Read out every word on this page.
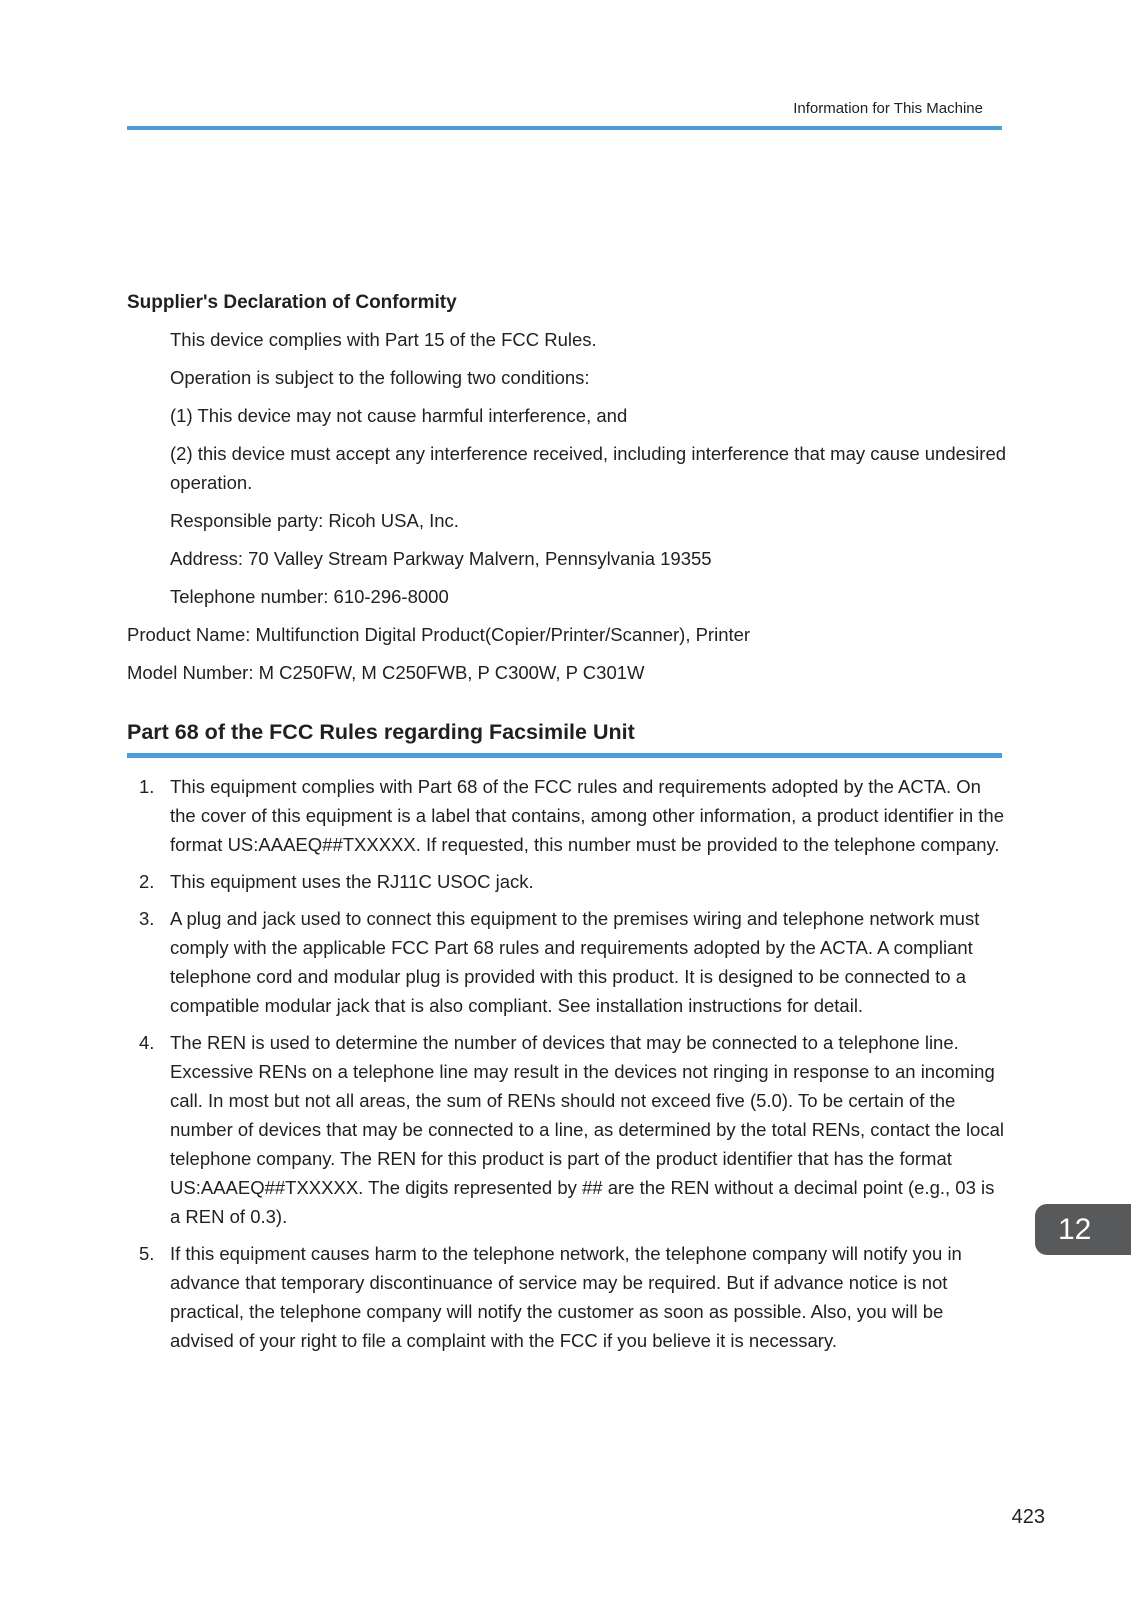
Information for This Machine
Supplier's Declaration of Conformity

This device complies with Part 15 of the FCC Rules.

Operation is subject to the following two conditions:

(1) This device may not cause harmful interference, and

(2) this device must accept any interference received, including interference that may cause undesired operation.

Responsible party: Ricoh USA, Inc.

Address: 70 Valley Stream Parkway Malvern, Pennsylvania 19355

Telephone number: 610-296-8000

Product Name: Multifunction Digital Product(Copier/Printer/Scanner), Printer

Model Number: M C250FW, M C250FWB, P C300W, P C301W

Part 68 of the FCC Rules regarding Facsimile Unit
1. This equipment complies with Part 68 of the FCC rules and requirements adopted by the ACTA. On the cover of this equipment is a label that contains, among other information, a product identifier in the format US:AAAEQ##TXXXXX. If requested, this number must be provided to the telephone company.
2. This equipment uses the RJ11C USOC jack.
3. A plug and jack used to connect this equipment to the premises wiring and telephone network must comply with the applicable FCC Part 68 rules and requirements adopted by the ACTA. A compliant telephone cord and modular plug is provided with this product. It is designed to be connected to a compatible modular jack that is also compliant. See installation instructions for detail.
4. The REN is used to determine the number of devices that may be connected to a telephone line. Excessive RENs on a telephone line may result in the devices not ringing in response to an incoming call. In most but not all areas, the sum of RENs should not exceed five (5.0). To be certain of the number of devices that may be connected to a line, as determined by the total RENs, contact the local telephone company. The REN for this product is part of the product identifier that has the format US:AAAEQ##TXXXXX. The digits represented by ## are the REN without a decimal point (e.g., 03 is a REN of 0.3).
5. If this equipment causes harm to the telephone network, the telephone company will notify you in advance that temporary discontinuance of service may be required. But if advance notice is not practical, the telephone company will notify the customer as soon as possible. Also, you will be advised of your right to file a complaint with the FCC if you believe it is necessary.
12
423
